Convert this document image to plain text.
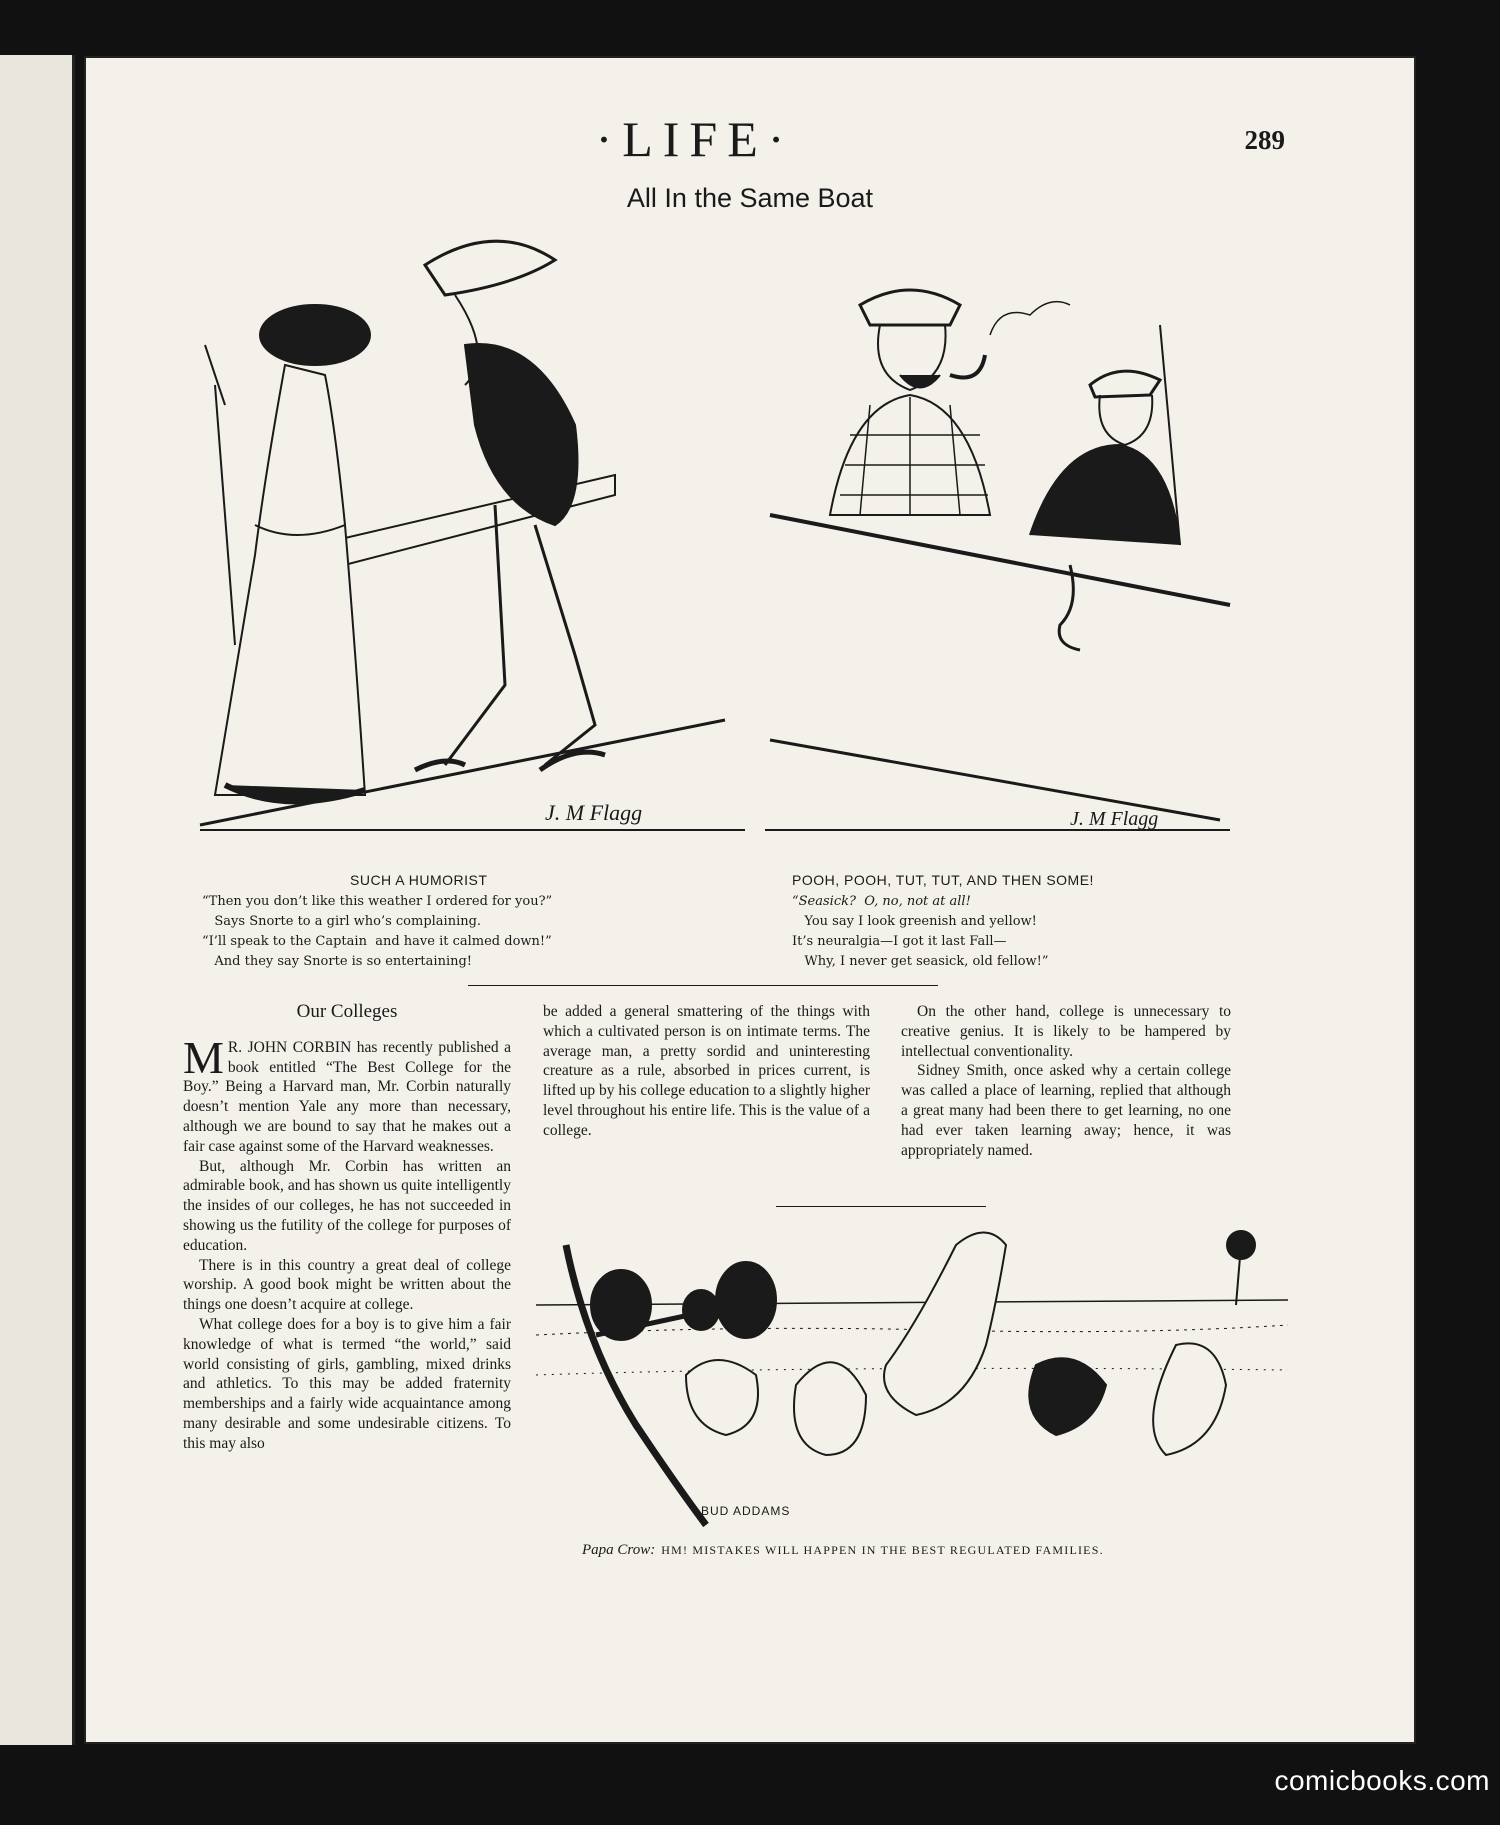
·LIFE·	289
All In the Same Boat
J. M Flagg	J. M Flagg
SUCH A HUMORIST
“Then you don’t like this weather I ordered for you?”
Says Snorte to a girl who’s complaining.
“I’ll speak to the Captain  and have it calmed down!”
And they say Snorte is so entertaining!
POOH, POOH, TUT, TUT, AND THEN SOME!
“Seasick?  O, no, not at all!
You say I look greenish and yellow!
It’s neuralgia—I got it last Fall—
Why, I never get seasick, old fellow!”
Our Colleges

M R. JOHN CORBIN has recently published a book entitled “The Best College for the Boy.” Being a Harvard man, Mr. Corbin naturally doesn’t mention Yale any more than necessary, although we are bound to say that he makes out a fair case against some of the Harvard weaknesses.

But, although Mr. Corbin has written an admirable book, and has shown us quite intelligently the insides of our colleges, he has not succeeded in showing us the futility of the college for purposes of education.

There is in this country a great deal of college worship. A good book might be written about the things one doesn’t acquire at college.

What college does for a boy is to give him a fair knowledge of what is termed “the world,” said world consisting of girls, gambling, mixed drinks and athletics. To this may be added fraternity memberships and a fairly wide acquaintance among many desirable and some undesirable citizens. To this may also

be added a general smattering of the things with which a cultivated person is on intimate terms. The average man, a pretty sordid and uninteresting creature as a rule, absorbed in prices current, is lifted up by his college education to a slightly higher level throughout his entire life. This is the value of a college.

On the other hand, college is unnecessary to creative genius. It is likely to be hampered by intellectual conventionality.

Sidney Smith, once asked why a certain college was called a place of learning, replied that although a great many had been there to get learning, no one had ever taken learning away; hence, it was appropriately named.

BUD ADDAMS
Papa Crow: HM! MISTAKES WILL HAPPEN IN THE BEST REGULATED FAMILIES.
comicbooks.com
